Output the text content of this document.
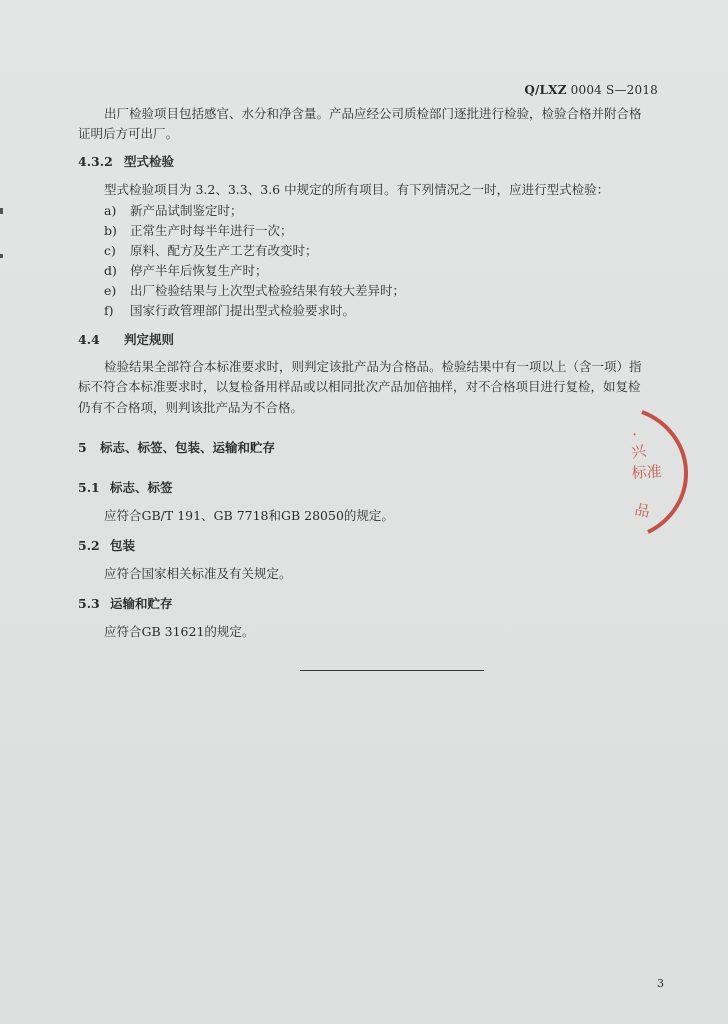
Q/LXZ 0004 S—2018
出厂检验项目包括感官、水分和净含量。产品应经公司质检部门逐批进行检验，检验合格并附合格
证明后方可出厂。
4.3.2 型式检验
型式检验项目为 3.2、3.3、3.6 中规定的所有项目。有下列情况之一时，应进行型式检验：
a) 新产品试制鉴定时；
b) 正常生产时每半年进行一次；
c) 原料、配方及生产工艺有改变时；
d) 停产半年后恢复生产时；
e) 出厂检验结果与上次型式检验结果有较大差异时；
f) 国家行政管理部门提出型式检验要求时。
4.4 判定规则
检验结果全部符合本标准要求时，则判定该批产品为合格品。检验结果中有一项以上（含一项）指
标不符合本标准要求时，以复检备用样品或以相同批次产品加倍抽样，对不合格项目进行复检，如复检
仍有不合格项，则判该批产品为不合格。
5 标志、标签、包装、运输和贮存
5.1 标志、标签
应符合GB/T 191、GB 7718和GB 28050的规定。
5.2 包装
应符合国家相关标准及有关规定。
5.3 运输和贮存
应符合GB 31621的规定。
·
兴
标准
品
3
